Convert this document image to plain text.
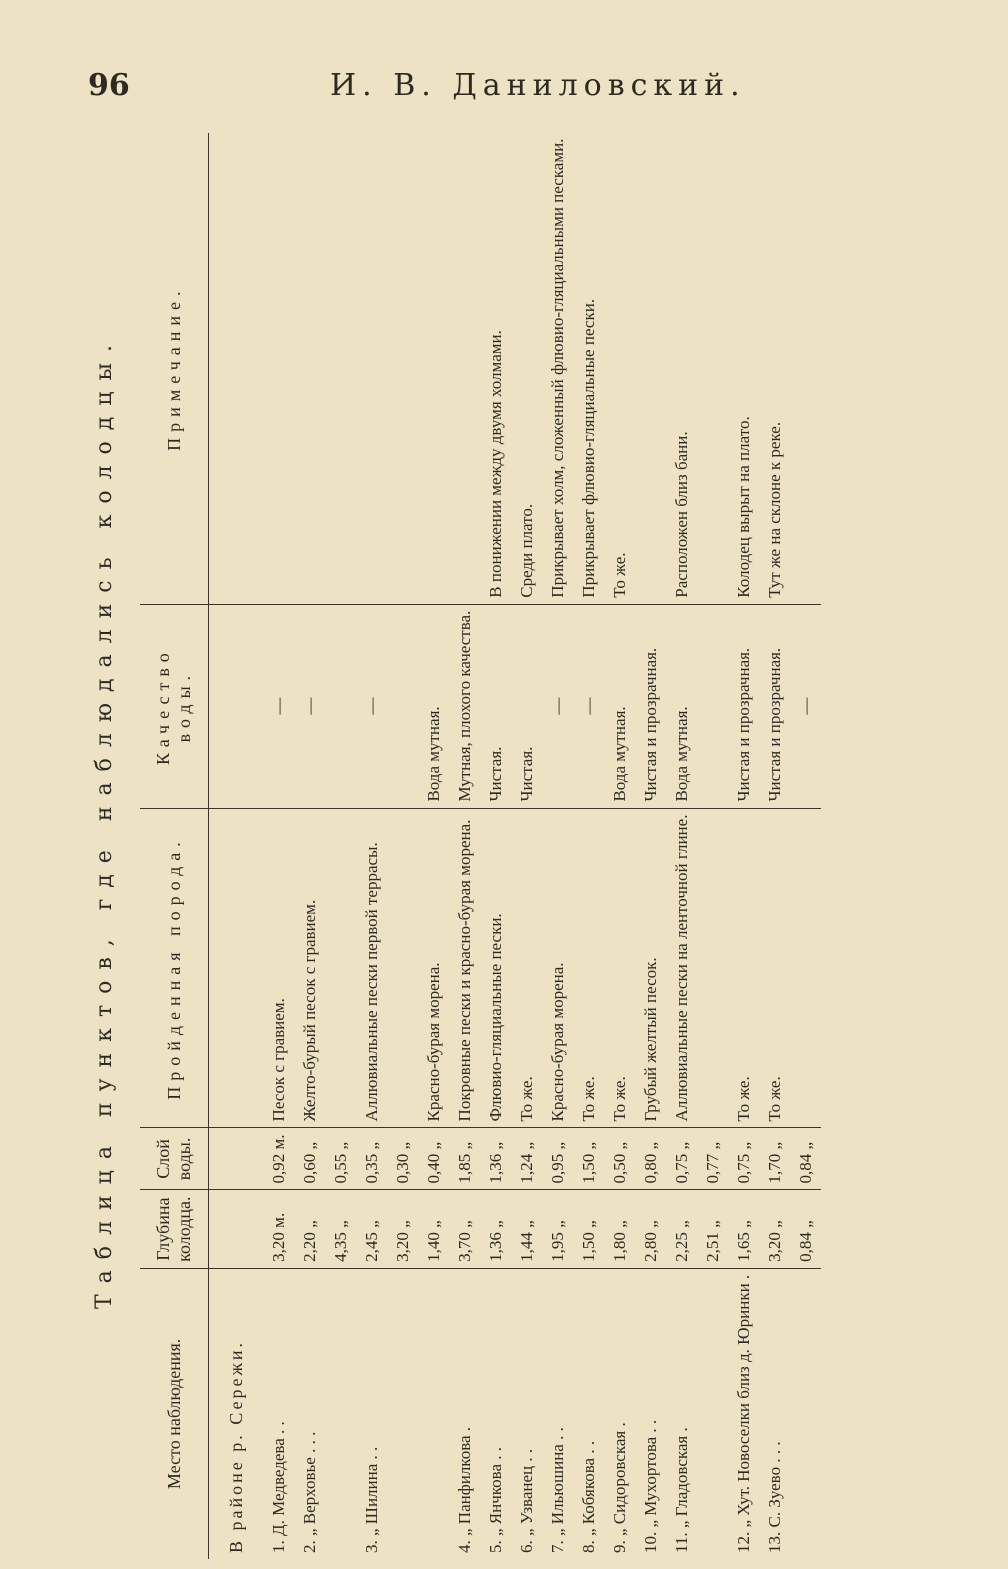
96	И. В. Даниловский.
Таблица пунктов, где наблюдались колодцы.
Место наблюдения.	Глубина колодца.	Слой воды.	Пройденная порода.	Качество воды.	Примечание.
В районе р. Сережи.					
1. Д. Медведева . .	3,20 м.	0,92 м.	Песок с гравием.	—	
2. „ Верховье . . .	2,20 „	0,60 „	Желто-бурый песок с гравием.	—	
	4,35 „	0,55 „			
3. „ Шилина . .	2,45 „	0,35 „	Аллювиальные пески первой террасы.	—	
	3,20 „	0,30 „			
	1,40 „	0,40 „	Красно-бурая морена.	Вода мутная.	
4. „ Панфилкова .	3,70 „	1,85 „	Покровные пески и красно-бурая морена.	Мутная, плохого качества.	
5. „ Янчкова . .	1,36 „	1,36 „	Флювио-гляциальные пески.	Чистая.	В понижении между двумя холмами.
6. „ Узванец . .	1,44 „	1,24 „	То же.	Чистая.	Среди плато.
7. „ Ильюшина . .	1,95 „	0,95 „	Красно-бурая морена.	—	Прикрывает холм, сложенный флювио-гляциальными песками.
8. „ Кобякова . .	1,50 „	1,50 „	То же.	—	Прикрывает флювио-гляциальные пески.
9. „ Сидоровская .	1,80 „	0,50 „	То же.	Вода мутная.	То же.
10. „ Мухортова . .	2,80 „	0,80 „	Грубый желтый песок.	Чистая и прозрачная.	
11. „ Гладовская .	2,25 „	0,75 „	Аллювиальные пески на ленточной глине.	Вода мутная.	Расположен близ бани.
	2,51 „	0,77 „			
12. „ Хут. Новоселки близ д. Юринки .	1,65 „	0,75 „	То же.	Чистая и прозрачная.	Колодец вырыт на плато.
13. С. Зуево . . .	3,20 „	1,70 „	То же.	Чистая и прозрачная.	Тут же на склоне к реке.
	0,84 „	0,84 „		—	
